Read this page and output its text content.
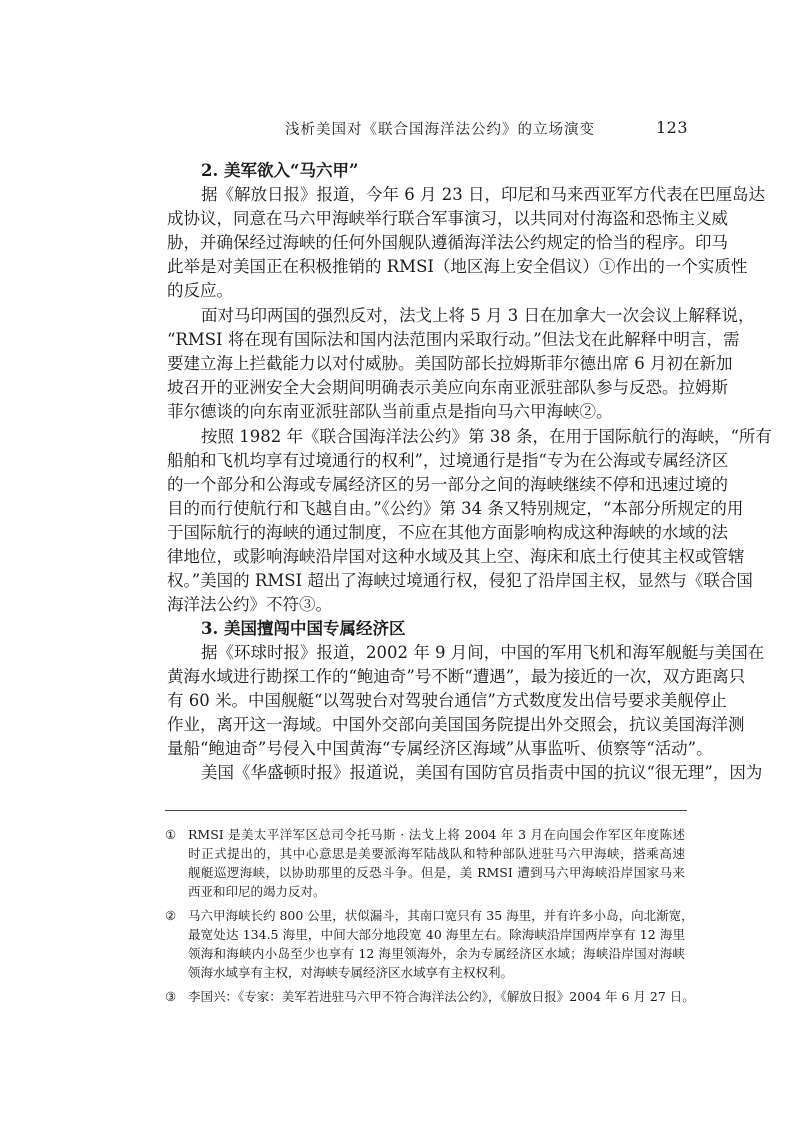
浅析美国对《联合国海洋法公约》的立场演变	123
2. 美军欲入“马六甲”
据《解放日报》报道，今年 6 月 23 日，印尼和马来西亚军方代表在巴厘岛达
成协议，同意在马六甲海峡举行联合军事演习，以共同对付海盗和恐怖主义威
胁，并确保经过海峡的任何外国舰队遵循海洋法公约规定的恰当的程序。印马
此举是对美国正在积极推销的 RMSI（地区海上安全倡议）①作出的一个实质性
的反应。
面对马印两国的强烈反对，法戈上将 5 月 3 日在加拿大一次会议上解释说，
“RMSI 将在现有国际法和国内法范围内采取行动。”但法戈在此解释中明言，需
要建立海上拦截能力以对付威胁。美国防部长拉姆斯菲尔德出席 6 月初在新加
坡召开的亚洲安全大会期间明确表示美应向东南亚派驻部队参与反恐。拉姆斯
菲尔德谈的向东南亚派驻部队当前重点是指向马六甲海峡②。
按照 1982 年《联合国海洋法公约》第 38 条，在用于国际航行的海峡，“所有
船舶和飞机均享有过境通行的权利”，过境通行是指“专为在公海或专属经济区
的一个部分和公海或专属经济区的另一部分之间的海峡继续不停和迅速过境的
目的而行使航行和飞越自由。”《公约》第 34 条又特别规定，“本部分所规定的用
于国际航行的海峡的通过制度，不应在其他方面影响构成这种海峡的水域的法
律地位，或影响海峡沿岸国对这种水域及其上空、海床和底土行使其主权或管辖
权。”美国的 RMSI 超出了海峡过境通行权，侵犯了沿岸国主权，显然与《联合国
海洋法公约》不符③。
3. 美国擅闯中国专属经济区
据《环球时报》报道，2002 年 9 月间，中国的军用飞机和海军舰艇与美国在
黄海水域进行勘探工作的“鲍迪奇”号不断“遭遇”，最为接近的一次，双方距离只
有 60 米。中国舰艇“以驾驶台对驾驶台通信”方式数度发出信号要求美舰停止
作业，离开这一海域。中国外交部向美国国务院提出外交照会，抗议美国海洋测
量船“鲍迪奇”号侵入中国黄海“专属经济区海域”从事监听、侦察等“活动”。
美国《华盛顿时报》报道说，美国有国防官员指责中国的抗议“很无理”，因为
① RMSI 是美太平洋军区总司令托马斯 · 法戈上将 2004 年 3 月在向国会作军区年度陈述
时正式提出的，其中心意思是美要派海军陆战队和特种部队进驻马六甲海峡，搭乘高速
舰艇巡逻海峡，以协助那里的反恐斗争。但是，美 RMSI 遭到马六甲海峡沿岸国家马来
西亚和印尼的竭力反对。
② 马六甲海峡长约 800 公里，状似漏斗，其南口宽只有 35 海里，并有许多小岛，向北渐宽，
最宽处达 134.5 海里，中间大部分地段宽 40 海里左右。除海峡沿岸国两岸享有 12 海里
领海和海峡内小岛至少也享有 12 海里领海外，余为专属经济区水域；海峡沿岸国对海峡
领海水域享有主权，对海峡专属经济区水域享有主权权利。
③ 李国兴：《专家：美军若进驻马六甲不符合海洋法公约》，《解放日报》2004 年 6 月 27 日。
